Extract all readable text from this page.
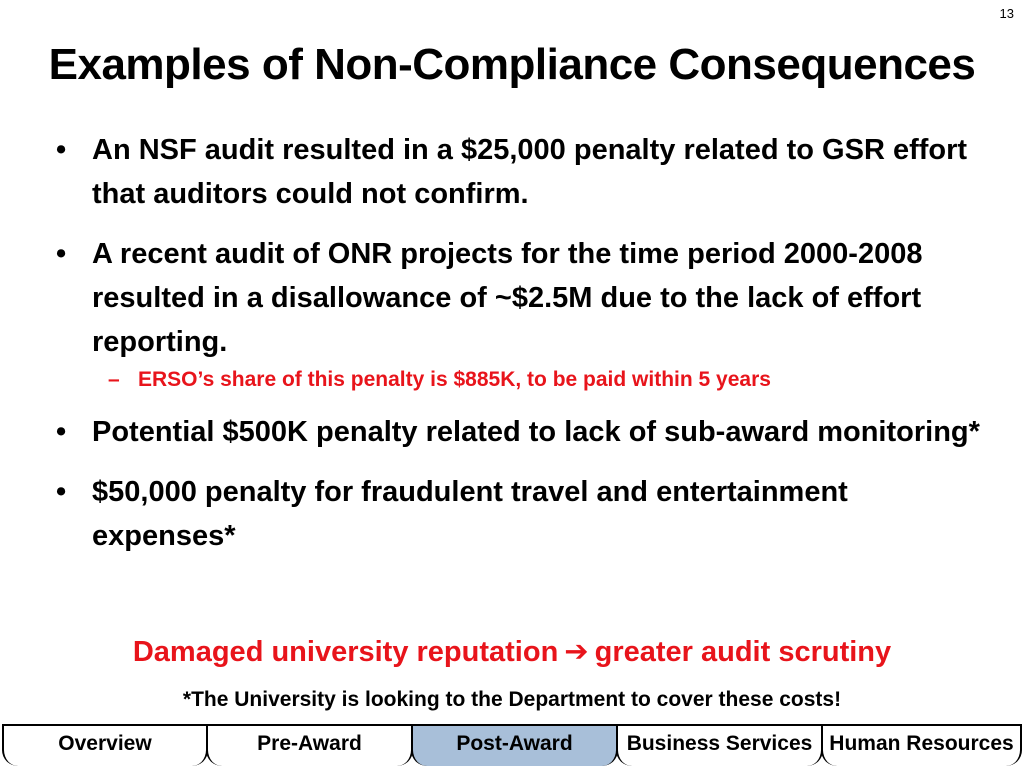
13
Examples of Non-Compliance Consequences
• An NSF audit resulted in a $25,000 penalty related to GSR effort that auditors could not confirm.
• A recent audit of ONR projects for the time period 2000-2008 resulted in a disallowance of ~$2.5M due to the lack of effort reporting.
– ERSO’s share of this penalty is $885K, to be paid within 5 years
• Potential $500K penalty related to lack of sub-award monitoring*
• $50,000 penalty for fraudulent travel and entertainment expenses*
Damaged university reputation ➔ greater audit scrutiny
*The University is looking to the Department to cover these costs!
Overview	Pre-Award	Post-Award	Business Services Human Resources
